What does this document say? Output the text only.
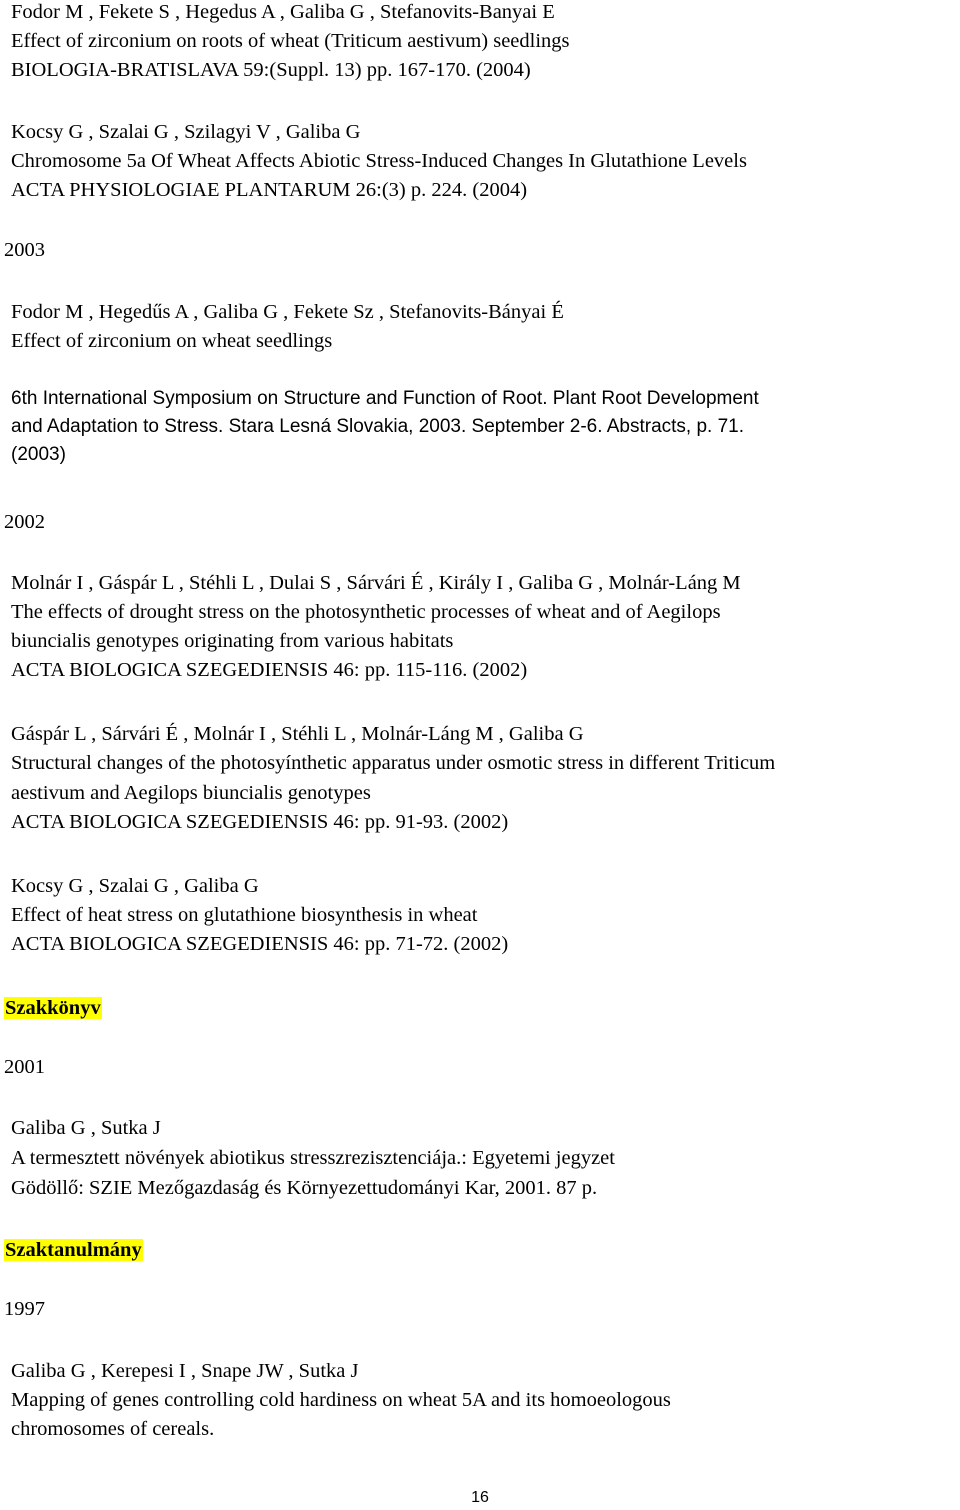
Fodor M , Fekete S , Hegedus A , Galiba G , Stefanovits-Banyai E
Effect of zirconium on roots of wheat (Triticum aestivum) seedlings
BIOLOGIA-BRATISLAVA 59:(Suppl. 13) pp. 167-170. (2004)
Kocsy G , Szalai G , Szilagyi V , Galiba G
Chromosome 5a Of Wheat Affects Abiotic Stress-Induced Changes In Glutathione Levels
ACTA PHYSIOLOGIAE PLANTARUM 26:(3) p. 224. (2004)
2003
Fodor M , Hegedűs A , Galiba G , Fekete Sz , Stefanovits-Bányai É
Effect of zirconium on wheat seedlings
6th International Symposium on Structure and Function of Root. Plant Root Development
and Adaptation to Stress. Stara Lesná Slovakia, 2003. September 2-6. Abstracts, p. 71.
(2003)
2002
Molnár I , Gáspár L , Stéhli L , Dulai S , Sárvári É , Király I , Galiba G , Molnár-Láng M
The effects of drought stress on the photosynthetic processes of wheat and of Aegilops
biuncialis genotypes originating from various habitats
ACTA BIOLOGICA SZEGEDIENSIS 46: pp. 115-116. (2002)
Gáspár L , Sárvári É , Molnár I , Stéhli L , Molnár-Láng M , Galiba G
Structural changes of the photosyínthetic apparatus under osmotic stress in different Triticum
aestivum and Aegilops biuncialis genotypes
ACTA BIOLOGICA SZEGEDIENSIS 46: pp. 91-93. (2002)
Kocsy G , Szalai G , Galiba G
Effect of heat stress on glutathione biosynthesis in wheat
ACTA BIOLOGICA SZEGEDIENSIS 46: pp. 71-72. (2002)
Szakkönyv
2001
Galiba G , Sutka J
A termesztett növények abiotikus stresszrezisztenciája.: Egyetemi jegyzet
Gödöllő: SZIE Mezőgazdaság és Környezettudományi Kar, 2001. 87 p.
Szaktanulmány
1997
Galiba G , Kerepesi I , Snape JW , Sutka J
Mapping of genes controlling cold hardiness on wheat 5A and its homoeologous
chromosomes of cereals.
16
